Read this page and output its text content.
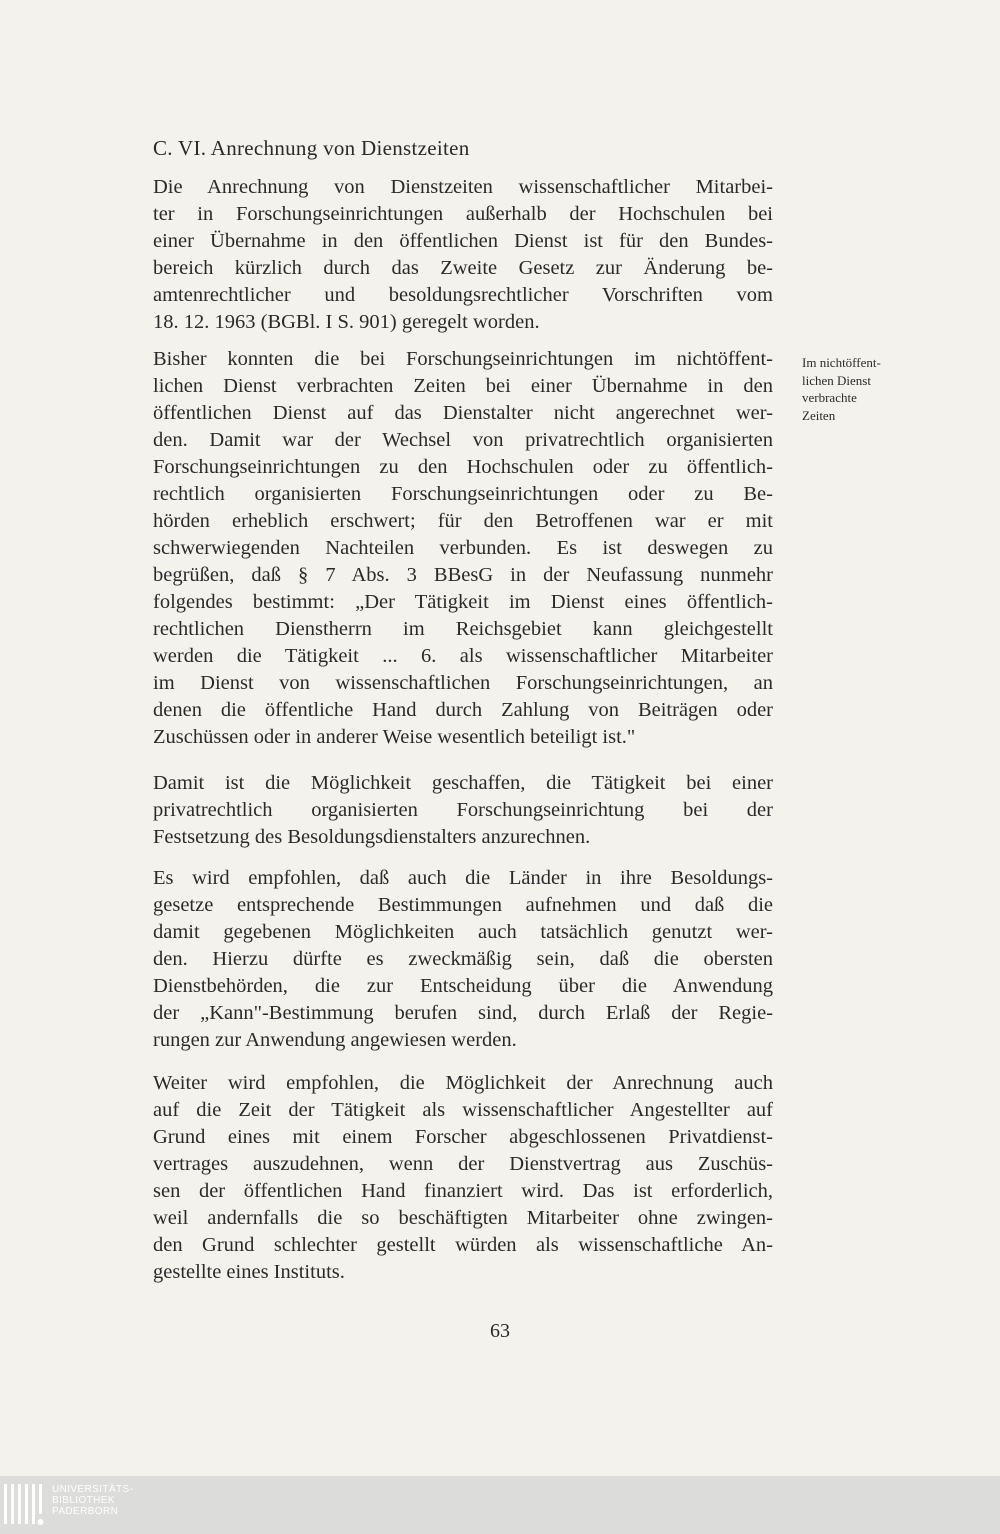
C. VI. Anrechnung von Dienstzeiten
Die Anrechnung von Dienstzeiten wissenschaftlicher Mitarbei-
ter in Forschungseinrichtungen außerhalb der Hochschulen bei
einer Übernahme in den öffentlichen Dienst ist für den Bundes-
bereich kürzlich durch das Zweite Gesetz zur Änderung be-
amtenrechtlicher und besoldungsrechtlicher Vorschriften vom
18. 12. 1963 (BGBl. I S. 901) geregelt worden.
Bisher konnten die bei Forschungseinrichtungen im nichtöffent-
lichen Dienst verbrachten Zeiten bei einer Übernahme in den
öffentlichen Dienst auf das Dienstalter nicht angerechnet wer-
den. Damit war der Wechsel von privatrechtlich organisierten
Forschungseinrichtungen zu den Hochschulen oder zu öffentlich-
rechtlich organisierten Forschungseinrichtungen oder zu Be-
hörden erheblich erschwert; für den Betroffenen war er mit
schwerwiegenden Nachteilen verbunden. Es ist deswegen zu
begrüßen, daß § 7 Abs. 3 BBesG in der Neufassung nunmehr
folgendes bestimmt: „Der Tätigkeit im Dienst eines öffentlich-
rechtlichen Dienstherrn im Reichsgebiet kann gleichgestellt
werden die Tätigkeit ... 6. als wissenschaftlicher Mitarbeiter
im Dienst von wissenschaftlichen Forschungseinrichtungen, an
denen die öffentliche Hand durch Zahlung von Beiträgen oder
Zuschüssen oder in anderer Weise wesentlich beteiligt ist."
Im nichtöffent-
lichen Dienst
verbrachte
Zeiten
Damit ist die Möglichkeit geschaffen, die Tätigkeit bei einer
privatrechtlich organisierten Forschungseinrichtung bei der
Festsetzung des Besoldungsdienstalters anzurechnen.
Es wird empfohlen, daß auch die Länder in ihre Besoldungs-
gesetze entsprechende Bestimmungen aufnehmen und daß die
damit gegebenen Möglichkeiten auch tatsächlich genutzt wer-
den. Hierzu dürfte es zweckmäßig sein, daß die obersten
Dienstbehörden, die zur Entscheidung über die Anwendung
der „Kann"-Bestimmung berufen sind, durch Erlaß der Regie-
rungen zur Anwendung angewiesen werden.
Weiter wird empfohlen, die Möglichkeit der Anrechnung auch
auf die Zeit der Tätigkeit als wissenschaftlicher Angestellter auf
Grund eines mit einem Forscher abgeschlossenen Privatdienst-
vertrages auszudehnen, wenn der Dienstvertrag aus Zuschüs-
sen der öffentlichen Hand finanziert wird. Das ist erforderlich,
weil andernfalls die so beschäftigten Mitarbeiter ohne zwingen-
den Grund schlechter gestellt würden als wissenschaftliche An-
gestellte eines Instituts.
63
UNIVERSITÄTS-
BIBLIOTHEK
PADERBORN
